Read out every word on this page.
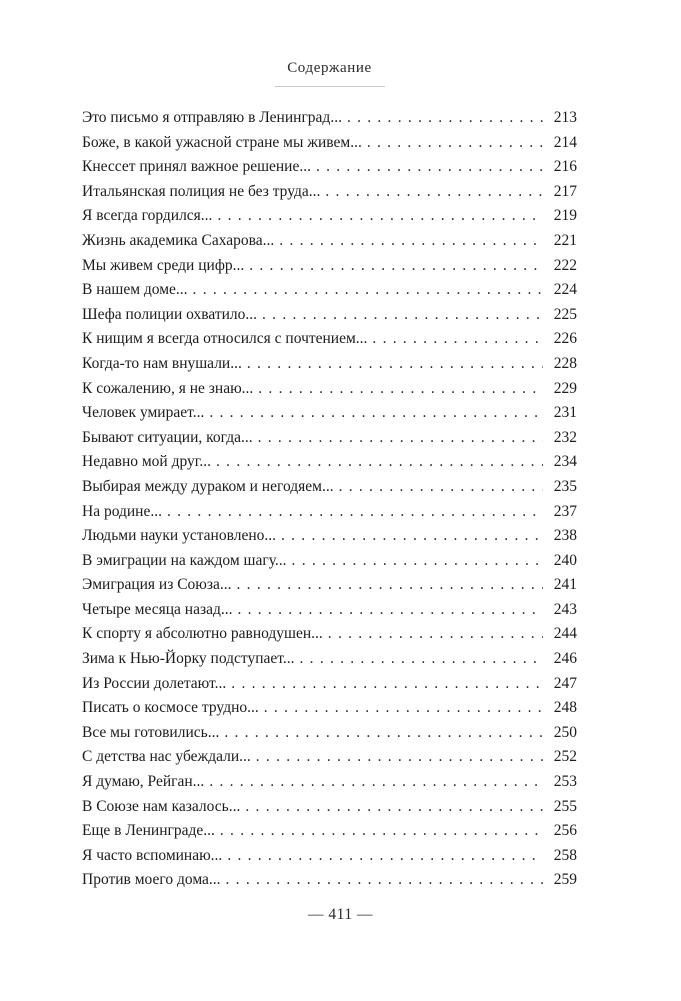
Содержание
Это письмо я отправляю в Ленинград... . . .	213
Боже, в какой ужасной стране мы живем... . . .	214
Кнессет принял важное решение... . . .	216
Итальянская полиция не без труда... . . .	217
Я всегда гордился... . . .	219
Жизнь академика Сахарова... . . .	221
Мы живем среди цифр... . . .	222
В нашем доме... . . .	224
Шефа полиции охватило... . . .	225
К нищим я всегда относился с почтением... . . .	226
Когда-то нам внушали... . . .	228
К сожалению, я не знаю... . . .	229
Человек умирает... . . .	231
Бывают ситуации, когда... . . .	232
Недавно мой друг... . . .	234
Выбирая между дураком и негодяем... . . .	235
На родине... . . .	237
Людьми науки установлено... . . .	238
В эмиграции на каждом шагу... . . .	240
Эмиграция из Союза... . . .	241
Четыре месяца назад... . . .	243
К спорту я абсолютно равнодушен... . . .	244
Зима к Нью-Йорку подступает... . . .	246
Из России долетают... . . .	247
Писать о космосе трудно... . . .	248
Все мы готовились... . . .	250
С детства нас убеждали... . . .	252
Я думаю, Рейган... . . .	253
В Союзе нам казалось... . . .	255
Еще в Ленинграде... . . .	256
Я часто вспоминаю... . . .	258
Против моего дома... . . .	259
— 411 —
